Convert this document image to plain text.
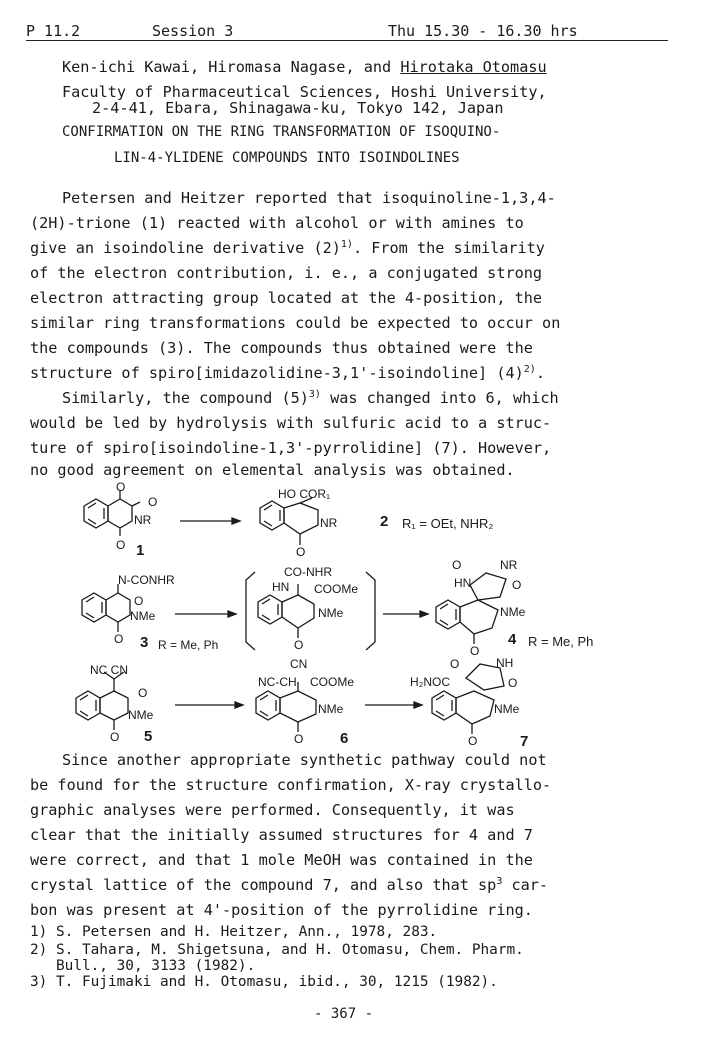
P 11.2	Session 3	Thu 15.30 - 16.30 hrs
Ken-ichi Kawai, Hiromasa Nagase, and Hirotaka Otomasu
Faculty of Pharmaceutical Sciences, Hoshi University,
2-4-41, Ebara, Shinagawa-ku, Tokyo 142, Japan
CONFIRMATION ON THE RING TRANSFORMATION OF ISOQUINO-
LIN-4-YLIDENE COMPOUNDS INTO ISOINDOLINES
Petersen and Heitzer reported that isoquinoline-1,3,4-
(2H)-trione (1) reacted with alcohol or with amines to
give an isoindoline derivative $(2)^{1)}$. From the similarity
of the electron contribution, i. e., a conjugated strong
electron attracting group located at the 4-position, the
similar ring transformations could be expected to occur on
the compounds (3). The compounds thus obtained were the
structure of spiro[imidazolidine-3,1'-isoindoline] $(4)^{2)}$.
Similarly, the compound $(5)^{3)}$ was changed into 6, which
would be led by hydrolysis with sulfuric acid to a struc-
ture of spiro[isoindoline-1,3'-pyrrolidine] (7). However,
no good agreement on elemental analysis was obtained.
O
O
NR
O 1
HO COR₁
NR
O
2 R₁ = OEt, NHR₂
N-CONHR
O
NMe
O 3 R = Me, Ph
CO-NHR
HN COOMe
NMe
O
O	NR
HN	O
NMe
O
4 R = Me, Ph
NC CN
O
NMe
O 5
CN
NC-CH COOMe
NMe
O 6
O	NH
H₂NOC	O
NMe
O	7
Since another appropriate synthetic pathway could not
be found for the structure confirmation, X-ray crystallo-
graphic analyses were performed. Consequently, it was
clear that the initially assumed structures for 4 and 7
were correct, and that 1 mole MeOH was contained in the
crystal lattice of the compound 7, and also that $sp^3$ car-
bon was present at 4'-position of the pyrrolidine ring.
1) S. Petersen and H. Heitzer, Ann., 1978, 283.
2) S. Tahara, M. Shigetsuna, and H. Otomasu, Chem. Pharm.
Bull., 30, 3133 (1982).
3) T. Fujimaki and H. Otomasu, ibid., 30, 1215 (1982).
- 367 -
